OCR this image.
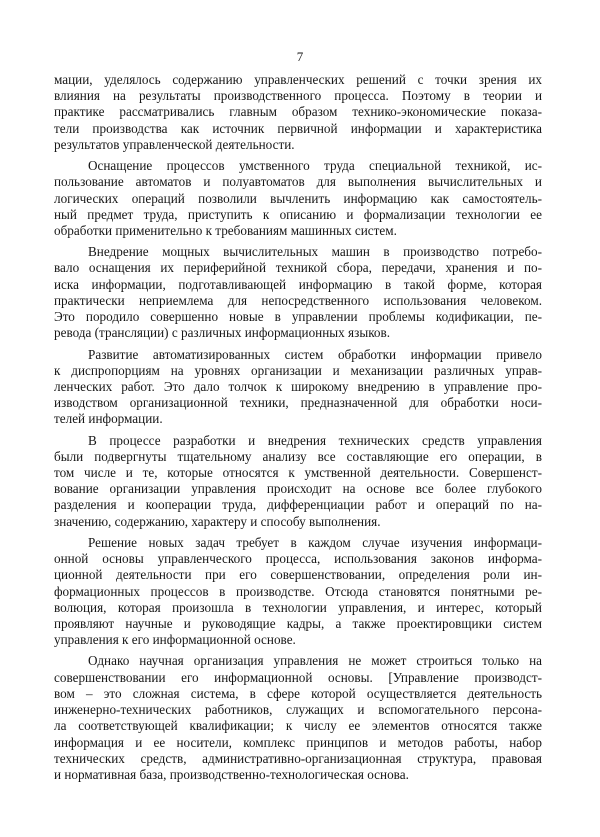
7
мации, уделялось содержанию управленческих решений с точки зрения их
влияния на результаты производственного процесса. Поэтому в теории и
практике рассматривались главным образом технико-экономические показа-
тели производства как источник первичной информации и характеристика
результатов управленческой деятельности.
Оснащение процессов умственного труда специальной техникой, ис-
пользование автоматов и полуавтоматов для выполнения вычислительных и
логических операций позволили вычленить информацию как самостоятель-
ный предмет труда, приступить к описанию и формализации технологии ее
обработки применительно к требованиям машинных систем.
Внедрение мощных вычислительных машин в производство потребо-
вало оснащения их периферийной техникой сбора, передачи, хранения и по-
иска информации, подготавливающей информацию в такой форме, которая
практически неприемлема для непосредственного использования человеком.
Это породило совершенно новые в управлении проблемы кодификации, пе-
ревода (трансляции) с различных информационных языков.
Развитие автоматизированных систем обработки информации привело
к диспропорциям на уровнях организации и механизации различных управ-
ленческих работ. Это дало толчок к широкому внедрению в управление про-
изводством организационной техники, предназначенной для обработки носи-
телей информации.
В процессе разработки и внедрения технических средств управления
были подвергнуты тщательному анализу все составляющие его операции, в
том числе и те, которые относятся к умственной деятельности. Совершенст-
вование организации управления происходит на основе все более глубокого
разделения и кооперации труда, дифференциации работ и операций по на-
значению, содержанию, характеру и способу выполнения.
Решение новых задач требует в каждом случае изучения информаци-
онной основы управленческого процесса, использования законов информа-
ционной деятельности при его совершенствовании, определения роли ин-
формационных процессов в производстве. Отсюда становятся понятными ре-
волюция, которая произошла в технологии управления, и интерес, который
проявляют научные и руководящие кадры, а также проектировщики систем
управления к его информационной основе.
Однако научная организация управления не может строиться только на
совершенствовании его информационной основы. [Управление производст-
вом – это сложная система, в сфере которой осуществляется деятельность
инженерно-технических работников, служащих и вспомогательного персона-
ла соответствующей квалификации; к числу ее элементов относятся также
информация и ее носители, комплекс принципов и методов работы, набор
технических средств, административно-организационная структура, правовая
и нормативная база, производственно-технологическая основа.
